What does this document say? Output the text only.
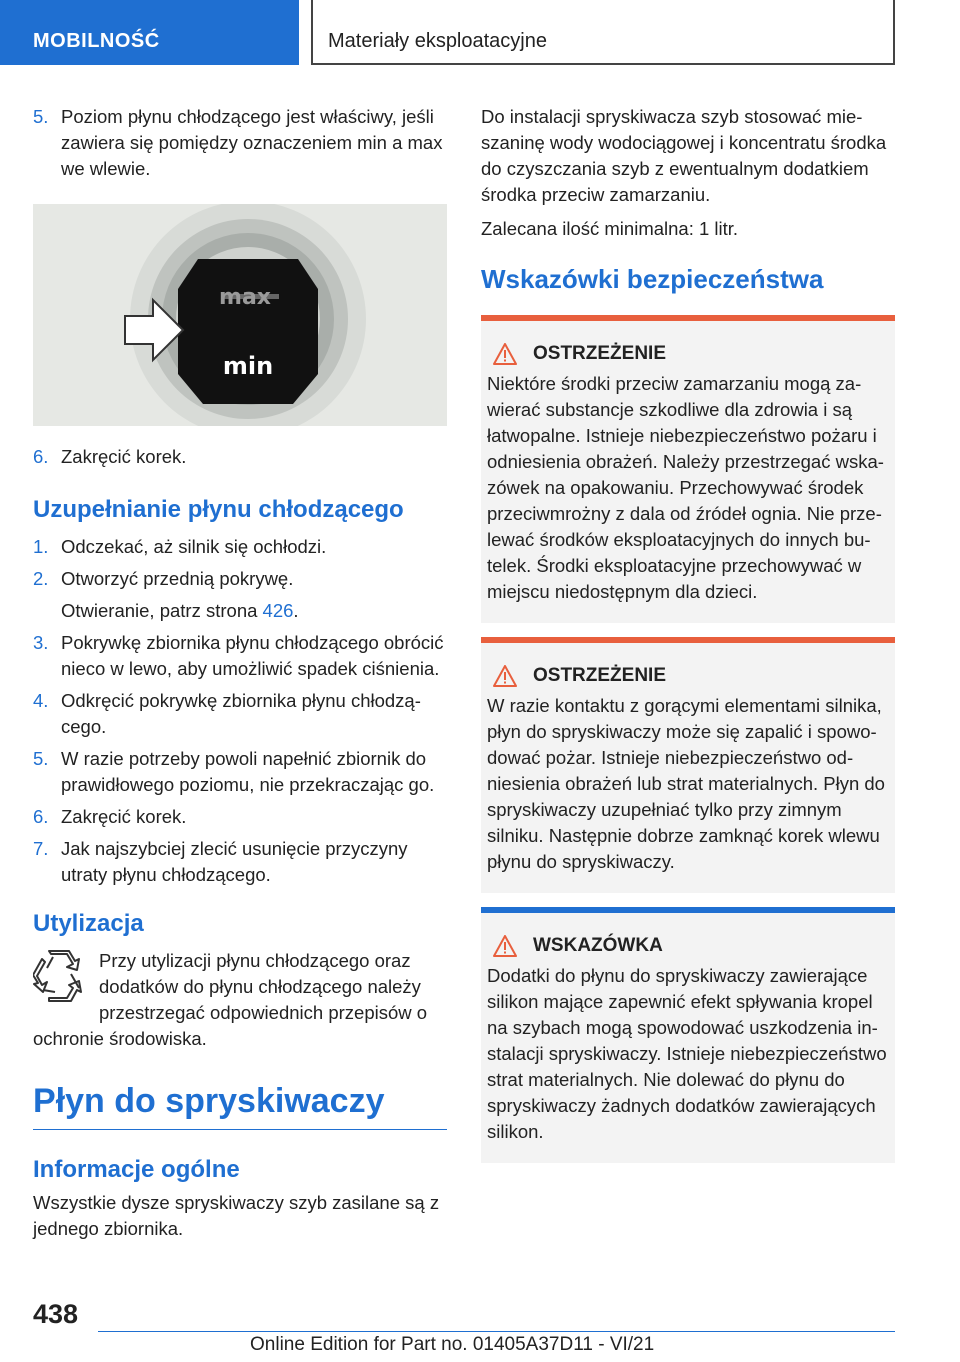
MOBILNOŚĆ	Materiały eksploatacyjne
5. Poziom płynu chłodzącego jest właściwy, jeśli zawiera się pomiędzy oznaczeniem min a max we wlewie.
max
min
6. Zakręcić korek.
Uzupełnianie płynu chłodzącego
1. Odczekać, aż silnik się ochłodzi.
2. Otworzyć przednią pokrywę.
Otwieranie, patrz strona 426.
3. Pokrywkę zbiornika płynu chłodzącego obrócić nieco w lewo, aby umożliwić spadek ciśnienia.
4. Odkręcić pokrywkę zbiornika płynu chłodzącego.
5. W razie potrzeby powoli napełnić zbiornik do prawidłowego poziomu, nie przekraczając go.
6. Zakręcić korek.
7. Jak najszybciej zlecić usunięcie przyczyny utraty płynu chłodzącego.
Utylizacja

Przy utylizacji płynu chłodzącego oraz dodatków do płynu chłodzącego należy przestrzegać odpowiednich przepisów o ochronie środowiska.

Płyn do spryskiwaczy
Informacje ogólne

Wszystkie dysze spryskiwaczy szyb zasilane są z jednego zbiornika.

Do instalacji spryskiwacza szyb stosować mieszaninę wody wodociągowej i koncentratu środka do czyszczania szyb z ewentualnym dodatkiem środka przeciw zamarzaniu.

Zalecana ilość minimalna: 1 litr.

Wskazówki bezpieczeństwa
OSTRZEŻENIE

Niektóre środki przeciw zamarzaniu mogą zawierać substancje szkodliwe dla zdrowia i są łatwopalne. Istnieje niebezpieczeństwo pożaru i odniesienia obrażeń. Należy przestrzegać wskazówek na opakowaniu. Przechowywać środek przeciwmrożny z dala od źródeł ognia. Nie przelewać środków eksploatacyjnych do innych butelek. Środki eksploatacyjne przechowywać w miejscu niedostępnym dla dzieci.

OSTRZEŻENIE

W razie kontaktu z gorącymi elementami silnika, płyn do spryskiwaczy może się zapalić i spowodować pożar. Istnieje niebezpieczeństwo odniesienia obrażeń lub strat materialnych. Płyn do spryskiwaczy uzupełniać tylko przy zimnym silniku. Następnie dobrze zamknąć korek wlewu płynu do spryskiwaczy.

WSKAZÓWKA

Dodatki do płynu do spryskiwaczy zawierające silikon mające zapewnić efekt spływania kropel na szybach mogą spowodować uszkodzenia instalacji spryskiwaczy. Istnieje niebezpieczeństwo strat materialnych. Nie dolewać do płynu do spryskiwaczy żadnych dodatków zawierających silikon.

438
Online Edition for Part no. 01405A37D11 - VI/21
